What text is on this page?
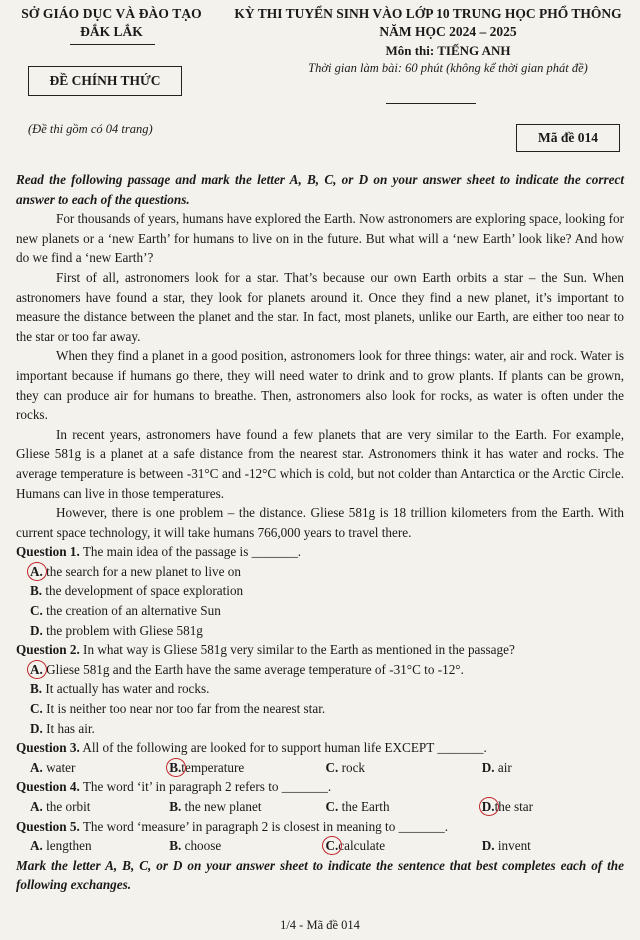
SỞ GIÁO DỤC VÀ ĐÀO TẠO
ĐẮK LẮK
KỲ THI TUYỂN SINH VÀO LỚP 10 TRUNG HỌC PHỔ THÔNG
NĂM HỌC 2024 – 2025
Môn thi: TIẾNG ANH
Thời gian làm bài: 60 phút (không kể thời gian phát đề)
ĐỀ CHÍNH THỨC
(Đề thi gồm có 04 trang)
Mã đề 014

Read the following passage and mark the letter A, B, C, or D on your answer sheet to indicate the correct answer to each of the questions.

For thousands of years, humans have explored the Earth. Now astronomers are exploring space, looking for new planets or a ‘new Earth’ for humans to live on in the future. But what will a ‘new Earth’ look like? And how do we find a ‘new Earth’?

First of all, astronomers look for a star. That’s because our own Earth orbits a star – the Sun. When astronomers have found a star, they look for planets around it. Once they find a new planet, it’s important to measure the distance between the planet and the star. In fact, most planets, unlike our Earth, are either too near to the star or too far away.

When they find a planet in a good position, astronomers look for three things: water, air and rock. Water is important because if humans go there, they will need water to drink and to grow plants. If plants can be grown, they can produce air for humans to breathe. Then, astronomers also look for rocks, as water is often under the rocks.

In recent years, astronomers have found a few planets that are very similar to the Earth. For example, Gliese 581g is a planet at a safe distance from the nearest star. Astronomers think it has water and rocks. The average temperature is between -31°C and -12°C which is cold, but not colder than Antarctica or the Arctic Circle. Humans can live in those temperatures.

However, there is one problem – the distance. Gliese 581g is 18 trillion kilometers from the Earth. With current space technology, it will take humans 766,000 years to travel there.

Question 1. The main idea of the passage is _______.

A. the search for a new planet to live on

B. the development of space exploration

C. the creation of an alternative Sun

D. the problem with Gliese 581g

Question 2. In what way is Gliese 581g very similar to the Earth as mentioned in the passage?

A. Gliese 581g and the Earth have the same average temperature of -31°C to -12°.

B. It actually has water and rocks.

C. It is neither too near nor too far from the nearest star.

D. It has air.

Question 3. All of the following are looked for to support human life EXCEPT _______.

A. water	B.temperature	C. rock	D. air

Question 4. The word ‘it’ in paragraph 2 refers to _______.

A. the orbit	B. the new planet	C. the Earth	D.the star

Question 5. The word ‘measure’ in paragraph 2 is closest in meaning to _______.

A. lengthen	B. choose	C.calculate	D. invent

Mark the letter A, B, C, or D on your answer sheet to indicate the sentence that best completes each of the following exchanges.

1/4 - Mã đề 014
